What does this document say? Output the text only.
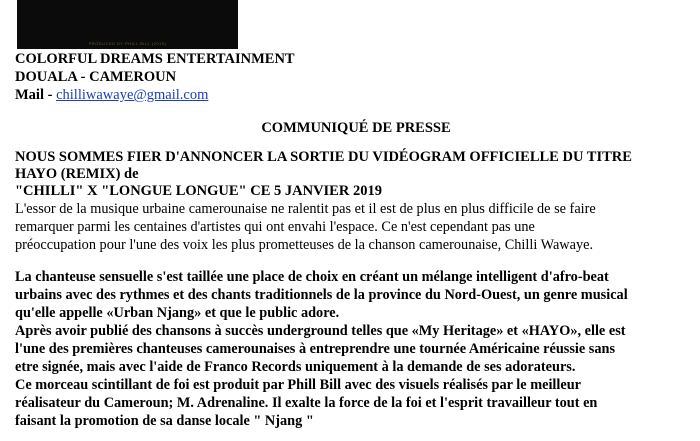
PRODUCED BY PHILL BILL (2019)
COLORFUL DREAMS ENTERTAINMENT
DOUALA - CAMEROUN
Mail - chilliwawaye@gmail.com
COMMUNIQUÉ DE PRESSE
NOUS SOMMES FIER D'ANNONCER LA SORTIE DU VIDÉOGRAM OFFICIELLE DU TITRE
HAYO (REMIX) de
"CHILLI" X "LONGUE LONGUE" CE 5 JANVIER 2019
L'essor de la musique urbaine camerounaise ne ralentit pas et il est de plus en plus difficile de se faire
remarquer parmi les centaines d'artistes qui ont envahi l'espace. Ce n'est cependant pas une
préoccupation pour l'une des voix les plus prometteuses de la chanson camerounaise, Chilli Wawaye.
La chanteuse sensuelle s'est taillée une place de choix en créant un mélange intelligent d'afro-beat
urbains avec des rythmes et des chants traditionnels de la province du Nord-Ouest, un genre musical
qu'elle appelle «Urban Njang» et que le public adore.
Après avoir publié des chansons à succès underground telles que «My Heritage» et «HAYO», elle est
l'une des premières chanteuses camerounaises à entreprendre une tournée Américaine réussie sans
etre signée, mais avec l'aide de Franco Records uniquement à la demande de ses adorateurs.
Ce morceau scintillant de foi est produit par Phill Bill avec des visuels réalisés par le meilleur
réalisateur du Cameroun; M. Adrenaline. Il exalte la force de la foi et l'esprit travailleur tout en
faisant la promotion de sa danse locale " Njang "
